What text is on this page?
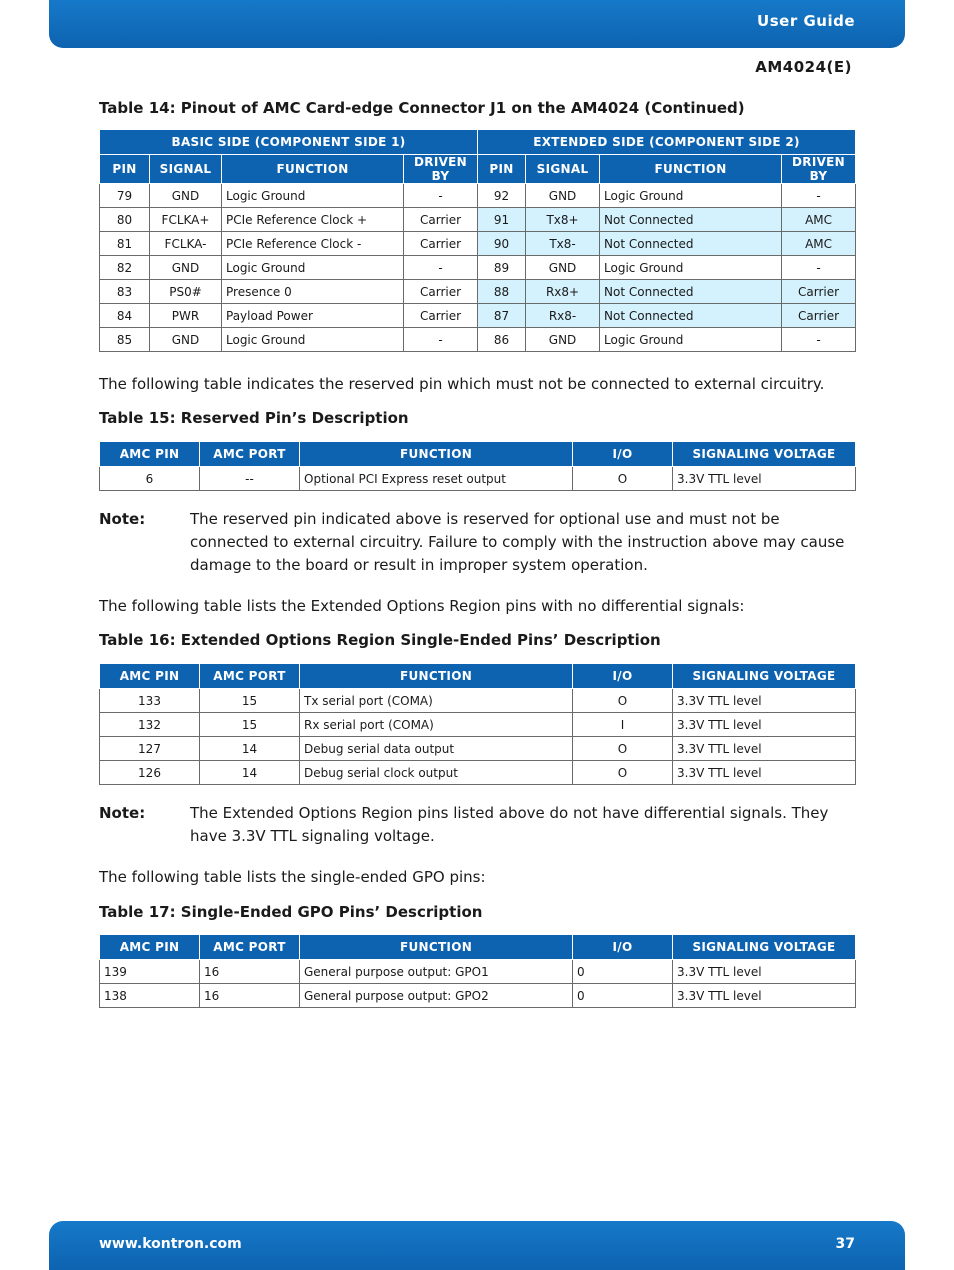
User Guide
AM4024(E)
Table 14: Pinout of AMC Card-edge Connector J1 on the AM4024 (Continued)
BASIC SIDE (COMPONENT SIDE 1)				EXTENDED SIDE (COMPONENT SIDE 2)			
PIN	SIGNAL	FUNCTION	DRIVEN BY	PIN	SIGNAL	FUNCTION	DRIVEN BY
79	GND	Logic Ground	-	92	GND	Logic Ground	-
80	FCLKA+	PCIe Reference Clock +	Carrier	91	Tx8+	Not Connected	AMC
81	FCLKA-	PCIe Reference Clock -	Carrier	90	Tx8-	Not Connected	AMC
82	GND	Logic Ground	-	89	GND	Logic Ground	-
83	PS0#	Presence 0	Carrier	88	Rx8+	Not Connected	Carrier
84	PWR	Payload Power	Carrier	87	Rx8-	Not Connected	Carrier
85	GND	Logic Ground	-	86	GND	Logic Ground	-
The following table indicates the reserved pin which must not be connected to external circuitry.
Table 15: Reserved Pin’s Description
AMC PIN	AMC PORT	FUNCTION	I/O	SIGNALING VOLTAGE
6	--	Optional PCI Express reset output	O	3.3V TTL level
Note:	The reserved pin indicated above is reserved for optional use and must not be connected to external circuitry. Failure to comply with the instruction above may cause damage to the board or result in improper system operation.
The following table lists the Extended Options Region pins with no differential signals:
Table 16: Extended Options Region Single-Ended Pins’ Description
AMC PIN	AMC PORT	FUNCTION	I/O	SIGNALING VOLTAGE
133	15	Tx serial port (COMA)	O	3.3V TTL level
132	15	Rx serial port (COMA)	I	3.3V TTL level
127	14	Debug serial data output	O	3.3V TTL level
126	14	Debug serial clock output	O	3.3V TTL level
Note:	The Extended Options Region pins listed above do not have differential signals. They have 3.3V TTL signaling voltage.
The following table lists the single-ended GPO pins:
Table 17: Single-Ended GPO Pins’ Description
AMC PIN	AMC PORT	FUNCTION	I/O	SIGNALING VOLTAGE
139	16	General purpose output: GPO1	0	3.3V TTL level
138	16	General purpose output: GPO2	0	3.3V TTL level
www.kontron.com	37
